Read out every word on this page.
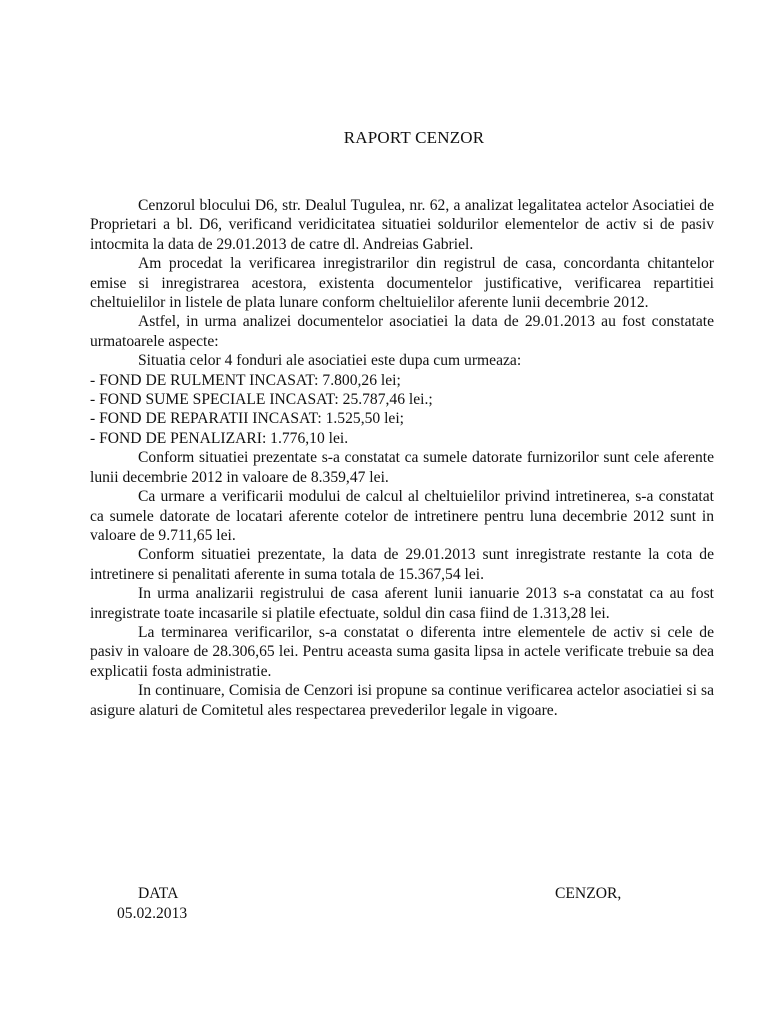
RAPORT CENZOR

Cenzorul blocului D6, str. Dealul Tugulea, nr. 62, a analizat legalitatea actelor Asociatiei de Proprietari a bl. D6, verificand veridicitatea situatiei soldurilor elementelor de activ si de pasiv intocmita la data de 29.01.2013 de catre dl. Andreias Gabriel.

Am procedat la verificarea inregistrarilor din registrul de casa, concordanta chitantelor emise si inregistrarea acestora, existenta documentelor justificative, verificarea repartitiei cheltuielilor in listele de plata lunare conform cheltuielilor aferente lunii decembrie 2012.

Astfel, in urma analizei documentelor asociatiei la data de 29.01.2013 au fost constatate urmatoarele aspecte:

Situatia celor 4 fonduri ale asociatiei este dupa cum urmeaza:

- FOND DE RULMENT INCASAT: 7.800,26 lei;
- FOND SUME SPECIALE INCASAT: 25.787,46 lei.;
- FOND DE REPARATII INCASAT: 1.525,50 lei;
- FOND DE PENALIZARI: 1.776,10 lei.

Conform situatiei prezentate s-a constatat ca sumele datorate furnizorilor sunt cele aferente lunii decembrie 2012 in valoare de 8.359,47 lei.

Ca urmare a verificarii modului de calcul al cheltuielilor privind intretinerea, s-a constatat ca sumele datorate de locatari aferente cotelor de intretinere pentru luna decembrie 2012 sunt in valoare de 9.711,65 lei.

Conform situatiei prezentate, la data de 29.01.2013 sunt inregistrate restante la cota de intretinere si penalitati aferente in suma totala de 15.367,54 lei.

In urma analizarii registrului de casa aferent lunii ianuarie 2013 s-a constatat ca au fost inregistrate toate incasarile si platile efectuate, soldul din casa fiind de 1.313,28 lei.

La terminarea verificarilor, s-a constatat o diferenta intre elementele de activ si cele de pasiv in valoare de 28.306,65 lei. Pentru aceasta suma gasita lipsa in actele verificate trebuie sa dea explicatii fosta administratie.

In continuare, Comisia de Cenzori isi propune sa continue verificarea actelor asociatiei si sa asigure alaturi de Comitetul ales respectarea prevederilor legale in vigoare.

DATA
05.02.2013
CENZOR,
